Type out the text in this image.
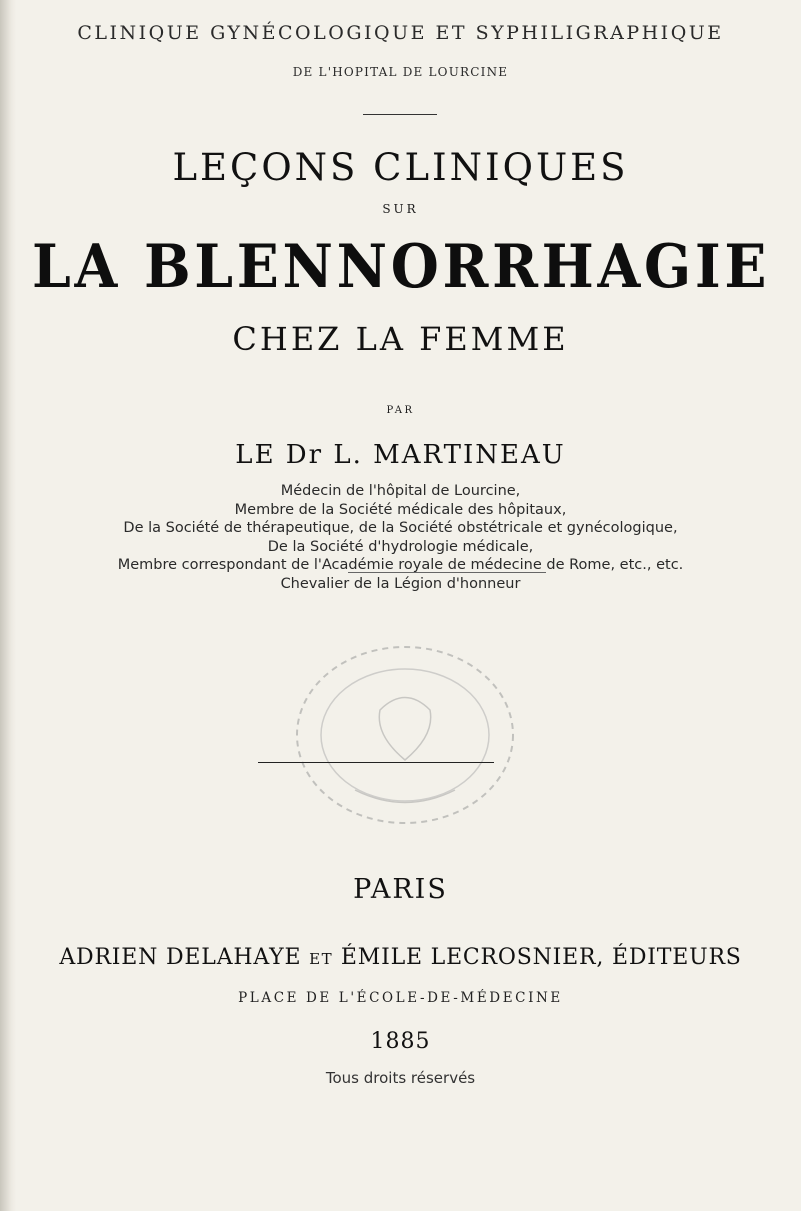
CLINIQUE GYNÉCOLOGIQUE ET SYPHILIGRAPHIQUE
DE L'HOPITAL DE LOURCINE
LEÇONS CLINIQUES
SUR
LA BLENNORRHAGIE
CHEZ LA FEMME
PAR
LE Dr L. MARTINEAU
Médecin de l'hôpital de Lourcine,
Membre de la Société médicale des hôpitaux,
De la Société de thérapeutique, de la Société obstétricale et gynécologique,
De la Société d'hydrologie médicale,
Membre correspondant de l'Académie royale de médecine de Rome, etc., etc.
Chevalier de la Légion d'honneur
PARIS
ADRIEN DELAHAYE ET ÉMILE LECROSNIER, ÉDITEURS
PLACE DE L'ÉCOLE-DE-MÉDECINE
1885
Tous droits réservés
